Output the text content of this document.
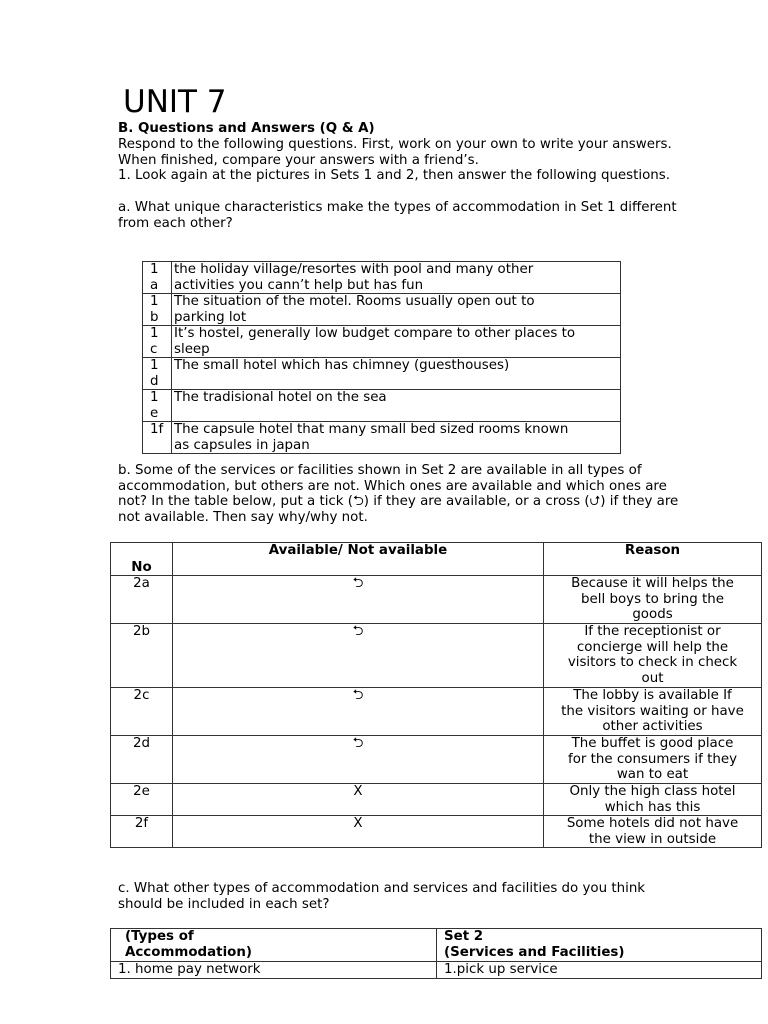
UNIT 7
B. Questions and Answers (Q & A)
Respond to the following questions. First, work on your own to write your answers.
When finished, compare your answers with a friend’s.
1. Look again at the pictures in Sets 1 and 2, then answer the following questions.
a. What unique characteristics make the types of accommodation in Set 1 different
from each other?
1
a	the holiday village/resortes with pool and many other
activities you cann’t help but has fun
1
b	The situation of the motel. Rooms usually open out to
parking lot
1
c	It’s hostel, generally low budget compare to other places to
sleep
1
d	The small hotel which has chimney (guesthouses)
1
e	The tradisional hotel on the sea
1f	The capsule hotel that many small bed sized rooms known
as capsules in japan
b. Some of the services or facilities shown in Set 2 are available in all types of
accommodation, but others are not. Which ones are available and which ones are
not? In the table below, put a tick (⮌) if they are available, or a cross (⮍) if they are
not available. Then say why/why not.
No	Available/ Not available	Reason
2a	⮌	Because it will helps the
bell boys to bring the
goods
2b	⮌	If the receptionist or
concierge will help the
visitors to check in check
out
2c	⮌	The lobby is available If
the visitors waiting or have
other activities
2d	⮌	The buffet is good place
for the consumers if they
wan to eat
2e	X	Only the high class hotel
which has this
2f	X	Some hotels did not have
the view in outside
c. What other types of accommodation and services and facilities do you think
should be included in each set?
(Types of
Accommodation)	Set 2
(Services and Facilities)
1. home pay network	1.pick up service
